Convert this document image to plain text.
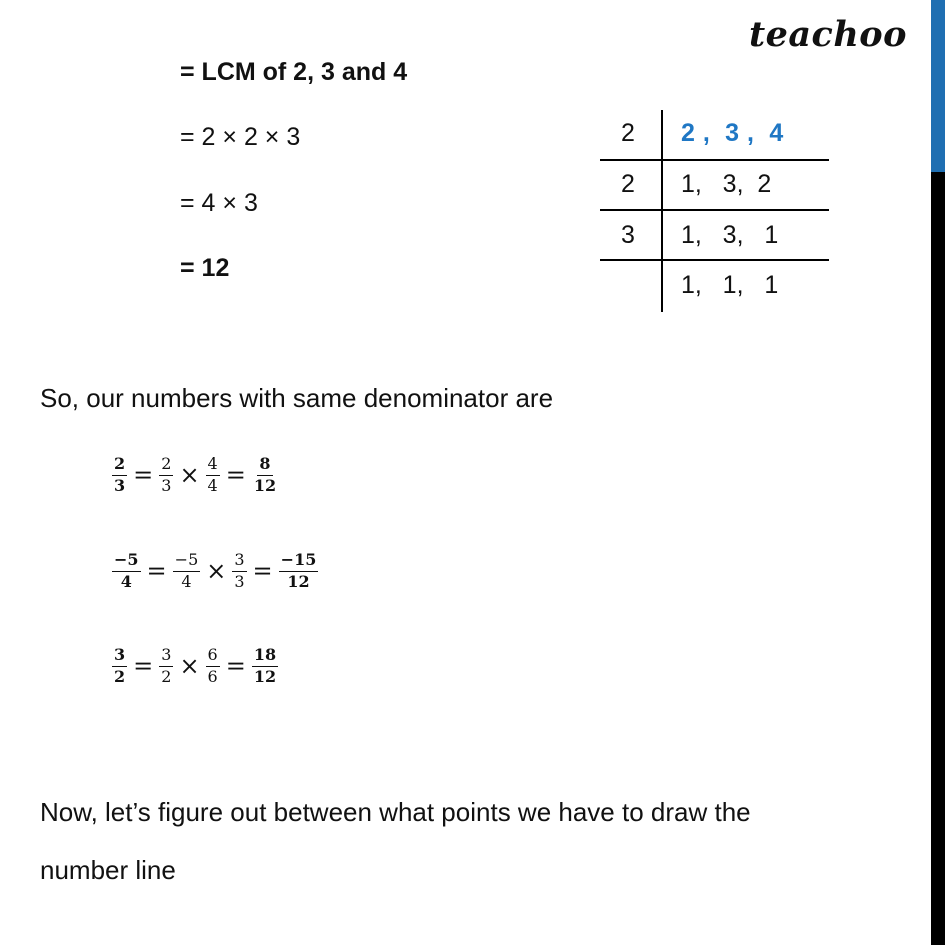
teachoo
= LCM of 2, 3 and 4
= 2 × 2 × 3
= 4 × 3
= 12
2 2 ,  3 ,  4
2 1,   3,  2
3 1,   3,   1
1,   1,   1
So, our numbers with same denominator are
$\frac{2}{3} = \frac{2}{3} \times \frac{4}{4} = \frac{8}{12}$
$\frac{-5}{4} = \frac{-5}{4} \times \frac{3}{3} = \frac{-15}{12}$
$\frac{3}{2} = \frac{3}{2} \times \frac{6}{6} = \frac{18}{12}$
Now, let’s figure out between what points we have to draw the
number line
